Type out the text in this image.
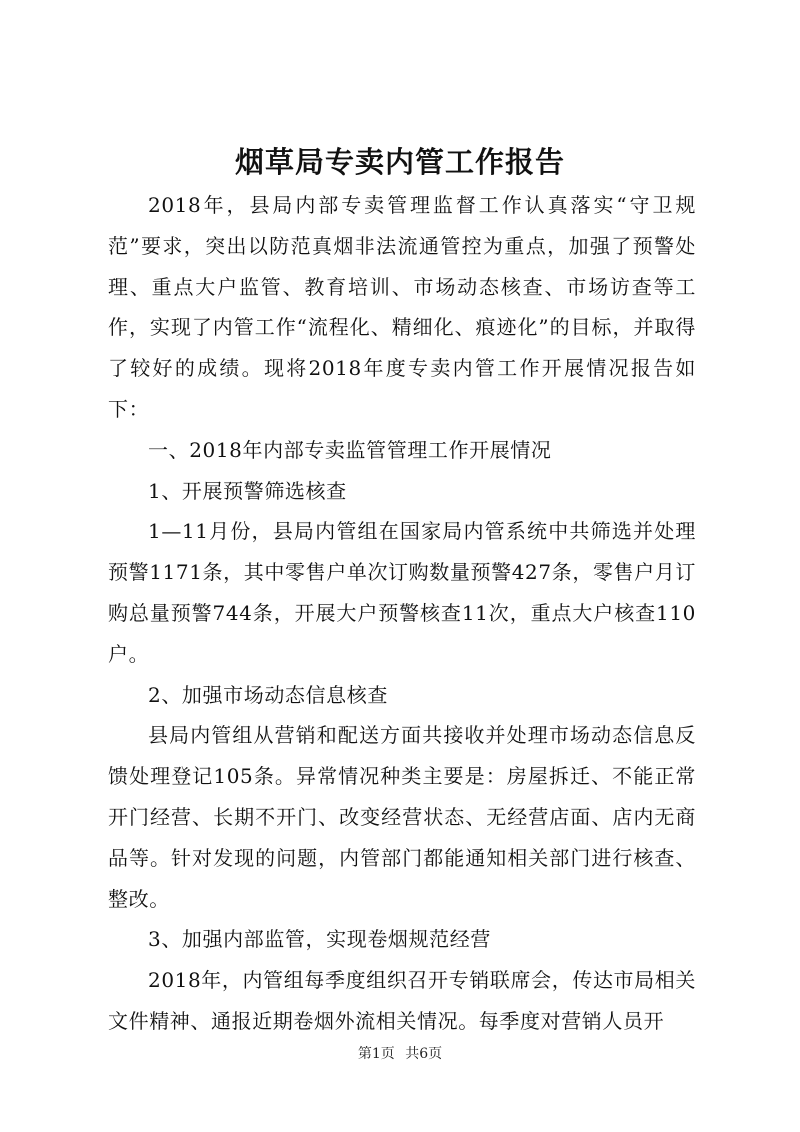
烟草局专卖内管工作报告

2018年，县局内部专卖管理监督工作认真落实“守卫规范”要求，突出以防范真烟非法流通管控为重点，加强了预警处理、重点大户监管、教育培训、市场动态核查、市场访查等工作，实现了内管工作“流程化、精细化、痕迹化”的目标，并取得了较好的成绩。现将2018年度专卖内管工作开展情况报告如下：

一、2018年内部专卖监管管理工作开展情况

1、开展预警筛选核查

1—11月份，县局内管组在国家局内管系统中共筛选并处理预警1171条，其中零售户单次订购数量预警427条，零售户月订购总量预警744条，开展大户预警核查11次，重点大户核查110户。

2、加强市场动态信息核查

县局内管组从营销和配送方面共接收并处理市场动态信息反馈处理登记105条。异常情况种类主要是：房屋拆迁、不能正常开门经营、长期不开门、改变经营状态、无经营店面、店内无商品等。针对发现的问题，内管部门都能通知相关部门进行核查、整改。

3、加强内部监管，实现卷烟规范经营

2018年，内管组每季度组织召开专销联席会，传达市局相关文件精神、通报近期卷烟外流相关情况。每季度对营销人员开

第1页 共6页
